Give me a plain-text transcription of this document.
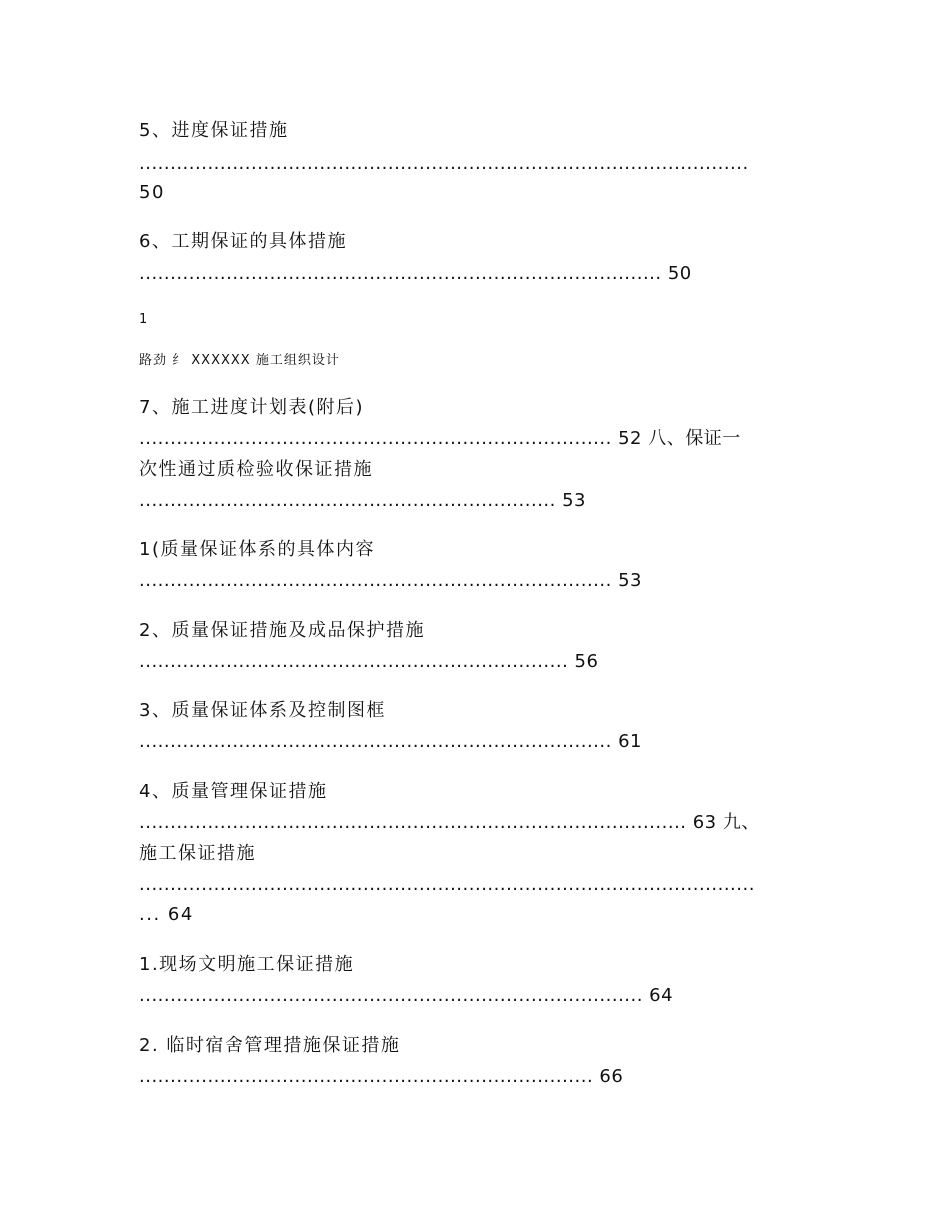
5、进度保证措施

..................................................................................................

50

6、工期保证的具体措施

.................................................................................... 50

1

路劲 纟 XXXXXX 施工组织设计

7、施工进度计划表(附后)

............................................................................ 52 八、保证一

次性通过质检验收保证措施

................................................................... 53

1(质量保证体系的具体内容

............................................................................ 53

2、质量保证措施及成品保护措施

..................................................................... 56

3、质量保证体系及控制图框

............................................................................ 61

4、质量管理保证措施

........................................................................................ 63 九、

施工保证措施

...................................................................................................

... 64

1.现场文明施工保证措施

................................................................................. 64

2. 临时宿舍管理措施保证措施

......................................................................... 66
